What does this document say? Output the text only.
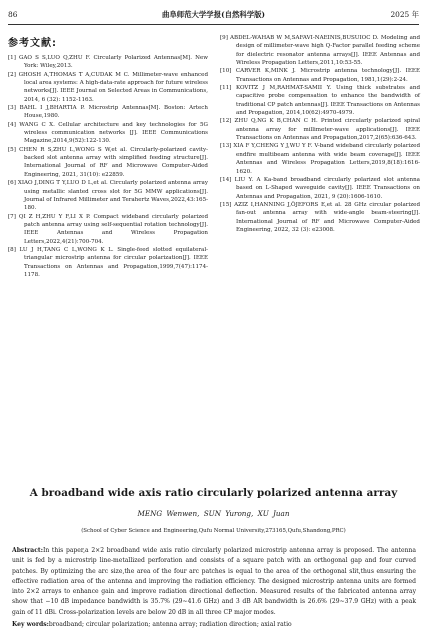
86	曲阜师范大学学报(自然科学版)	2025 年
参考文献:

[1] GAO S S,LUO Q,ZHU F. Circularly Polarized Antennas[M]. New York: Wiley,2013.

[2] GHOSH A,THOMAS T A,CUDAK M C. Millimeter-wave enhanced local area systems: A high-data-rate approach for future wireless networks[J]. IEEE Journal on Selected Areas in Communications, 2014, 6 (32): 1152-1163.

[3] BAHL I J,BHARTIA P. Microstrip Antennas[M]. Boston: Artech House,1980.

[4] WANG C X. Cellular architecture and key technologies for 5G wireless communication networks [J]. IEEE Communications Magazine,2014,9(52):122-130.

[5] CHEN R S,ZHU L,WONG S W,et al. Circularly-polarized cavity-backed slot antenna array with simplified feeding structure[J]. International Journal of RF and Microwave Computer-Aided Engineering, 2021, 31(10): e22859.

[6] XIAO J,DING T Y,LUO D L,et al. Circularly polarized antenna array using metallic slanted cross slot for 5G MMW applications[J]. Journal of Infrared Millimeter and Terahertz Waves,2022,43:165-180.

[7] QI Z H,ZHU Y F,LI X P. Compact wideband circularly polarized patch antenna array using self-sequential rotation technology[J]. IEEE Antennas and Wireless Propagation Letters,2022,4(21):700-704.

[8] LU J H,TANG C L,WONG K L. Single-feed slotted equilateral-triangular microstrip antenna for circular polarization[J]. IEEE Transactions on Antennas and Propagation,1999,7(47):1174-1178.

[9] ABDEL-WAHAB W M,SAFAVI-NAEINIS,BUSUIOC D. Modeling and design of millimeter-wave high Q-Factor parallel feeding scheme for dielectric resonator antenna arrays[J]. IEEE Antennas and Wireless Propagation Letters,2011,10:53-55.

[10] CARVER K,MINK J. Microstrip antenna technology[J]. IEEE Transactions on Antennas and Propagation, 1981,1(29):2-24.

[11] KOVITZ J M,RAHMAT-SAMII Y. Using thick substrates and capacitive probe compensation to enhance the bandwidth of traditional CP patch antennas[J]. IEEE Transactions on Antennas and Propagation, 2014,10(62):4970-4979.

[12] ZHU Q,NG K B,CHAN C H. Printed circularly polarized spiral antenna array for millimeter-wave applications[J]. IEEE Transactions on Antennas and Propagation,2017,2(65):636-643.

[13] XIA F Y,CHENG Y J,WU Y F. V-band wideband circularly polarized endfire multibeam antenna with wide beam coverage[J]. IEEE Antennas and Wireless Propagation Letters,2019,8(18):1616-1620.

[14] LIU Y. A Ka-band broadband circularly polarized slot antenna based on L-Shaped waveguide cavity[J]. IEEE Transactions on Antennas and Propagation, 2021, 9 (20):1606-1610.

[15] AZIZ I,HANNING J,ÖJEFORS E,et al. 28 GHz circular polarized fan-out antenna array with wide-angle beam-steering[J]. International Journal of RF and Microwave Computer-Aided Engineering, 2022, 32 (3): e23008.

A broadband wide axis ratio circularly polarized antenna array
MENG Wenwen, SUN Yurong, XU Juan
(School of Cyber Science and Engineering,Qufu Normal University,273165,Qufu,Shandong,PRC)
Abstract:In this paper,a 2×2 broadband wide axis ratio circularly polarized microstrip antenna array is proposed. The antenna unit is fed by a microstrip line-metallized perforation and consists of a square patch with an orthogonal gap and four curved patches. By optimizing the arc size,the area of the four arc patches is equal to the area of the orthogonal slit,thus ensuring the effective radiation area of the antenna and improving the radiation efficiency. The designed microstrip antenna units are formed into 2×2 arrays to enhance gain and improve radiation directional deflection. Measured results of the fabricated antenna array show that −10 dB impedance bandwidth is 35.7% (29~41.6 GHz) and 3 dB AR bandwidth is 26.6% (29~37.9 GHz) with a peak gain of 11 dBi. Cross-polarization levels are below 20 dB in all three CP major modes.
Key words:broadband; circular polarization; antenna array; radiation direction; axial ratio
